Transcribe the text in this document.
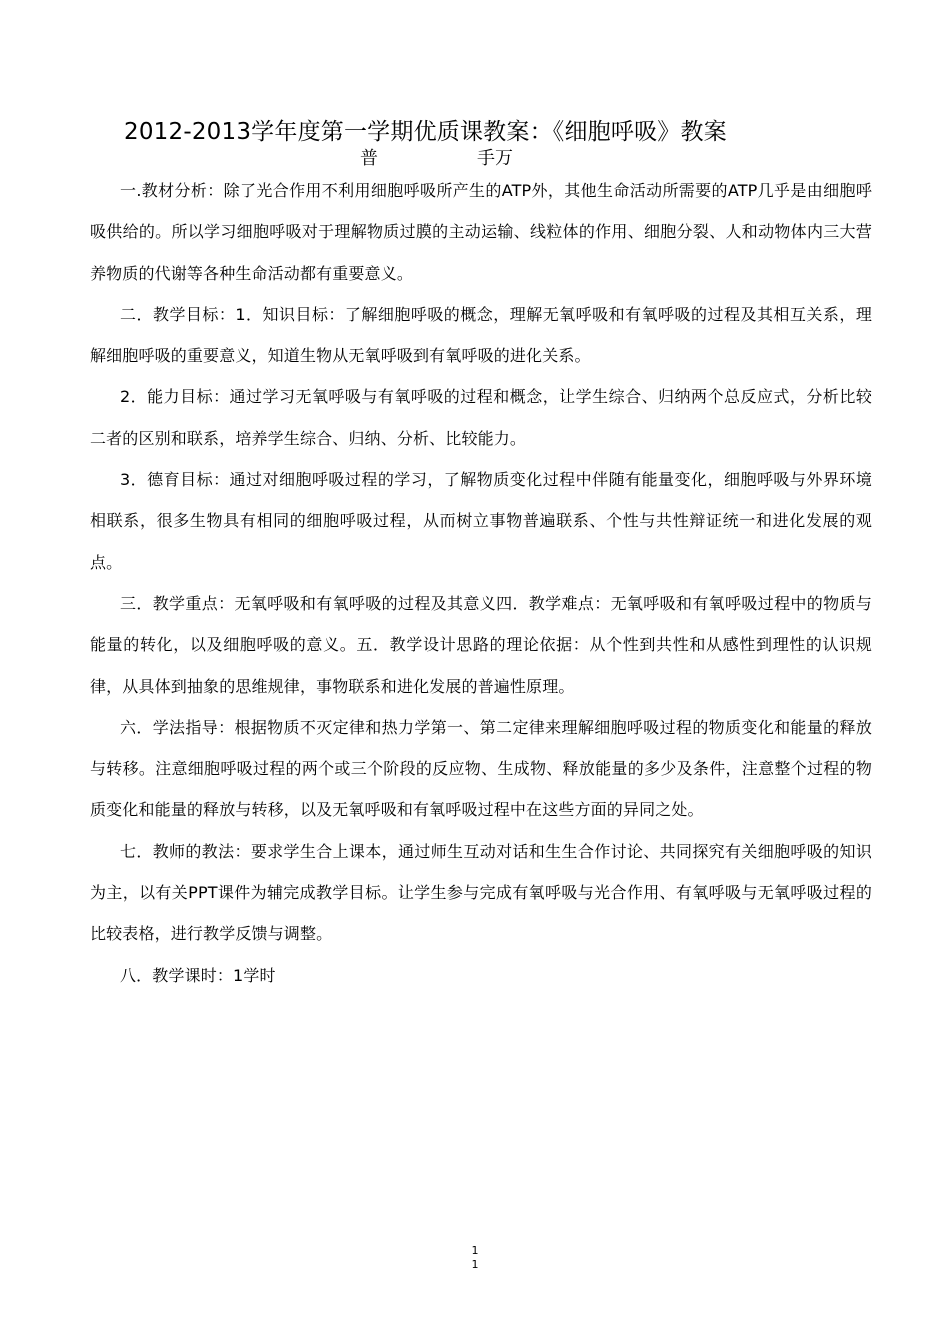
2012-2013学年度第一学期优质课教案：《细胞呼吸》教案
普	手万

一.教材分析：除了光合作用不利用细胞呼吸所产生的ATP外，其他生命活动所需要的ATP几乎是由细胞呼吸供给的。所以学习细胞呼吸对于理解物质过膜的主动运输、线粒体的作用、细胞分裂、人和动物体内三大营养物质的代谢等各种生命活动都有重要意义。

二．教学目标：1．知识目标：了解细胞呼吸的概念，理解无氧呼吸和有氧呼吸的过程及其相互关系，理解细胞呼吸的重要意义，知道生物从无氧呼吸到有氧呼吸的进化关系。

2．能力目标：通过学习无氧呼吸与有氧呼吸的过程和概念，让学生综合、归纳两个总反应式，分析比较二者的区别和联系，培养学生综合、归纳、分析、比较能力。

3．德育目标：通过对细胞呼吸过程的学习，了解物质变化过程中伴随有能量变化，细胞呼吸与外界环境相联系，很多生物具有相同的细胞呼吸过程，从而树立事物普遍联系、个性与共性辩证统一和进化发展的观点。

三．教学重点：无氧呼吸和有氧呼吸的过程及其意义四．教学难点：无氧呼吸和有氧呼吸过程中的物质与能量的转化，以及细胞呼吸的意义。五．教学设计思路的理论依据：从个性到共性和从感性到理性的认识规律，从具体到抽象的思维规律，事物联系和进化发展的普遍性原理。

六．学法指导：根据物质不灭定律和热力学第一、第二定律来理解细胞呼吸过程的物质变化和能量的释放与转移。注意细胞呼吸过程的两个或三个阶段的反应物、生成物、释放能量的多少及条件，注意整个过程的物质变化和能量的释放与转移，以及无氧呼吸和有氧呼吸过程中在这些方面的异同之处。

七．教师的教法：要求学生合上课本，通过师生互动对话和生生合作讨论、共同探究有关细胞呼吸的知识为主，以有关PPT课件为辅完成教学目标。让学生参与完成有氧呼吸与光合作用、有氧呼吸与无氧呼吸过程的比较表格，进行教学反馈与调整。

八．教学课时：1学时

1
1
